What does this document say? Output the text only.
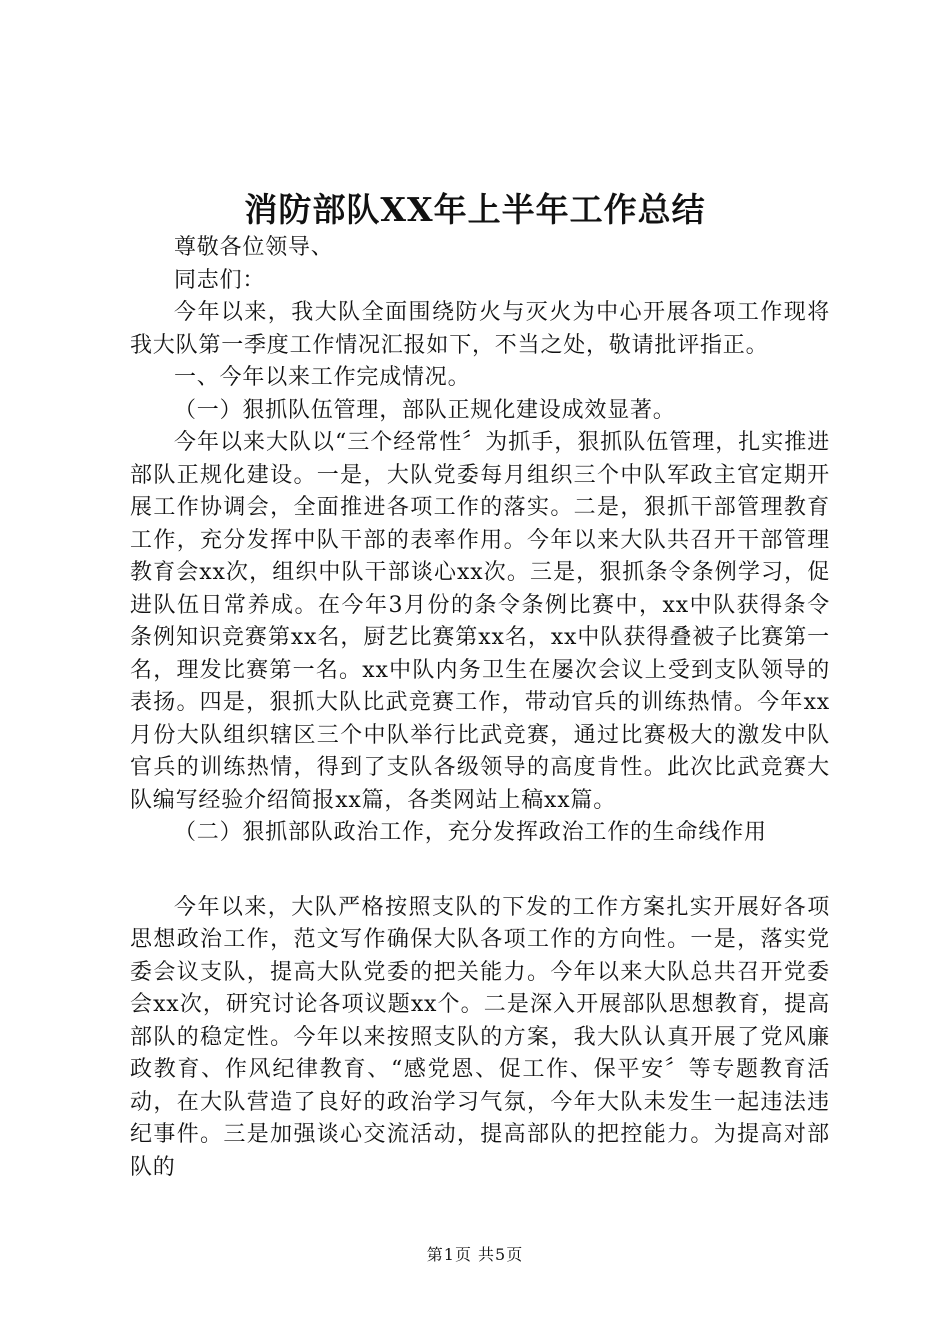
消防部队XX年上半年工作总结

尊敬各位领导、

同志们：

今年以来，我大队全面围绕防火与灭火为中心开展各项工作现将我大队第一季度工作情况汇报如下，不当之处，敬请批评指正。

一、今年以来工作完成情况。

（一）狠抓队伍管理，部队正规化建设成效显著。

今年以来大队以“三个经常性〞为抓手，狠抓队伍管理，扎实推进部队正规化建设。一是，大队党委每月组织三个中队军政主官定期开展工作协调会，全面推进各项工作的落实。二是，狠抓干部管理教育工作，充分发挥中队干部的表率作用。今年以来大队共召开干部管理教育会xx次，组织中队干部谈心xx次。三是，狠抓条令条例学习，促进队伍日常养成。在今年3月份的条令条例比赛中，xx中队获得条令条例知识竞赛第xx名，厨艺比赛第xx名，xx中队获得叠被子比赛第一名，理发比赛第一名。xx中队内务卫生在屡次会议上受到支队领导的表扬。四是，狠抓大队比武竞赛工作，带动官兵的训练热情。今年xx月份大队组织辖区三个中队举行比武竞赛，通过比赛极大的激发中队官兵的训练热情，得到了支队各级领导的高度肯性。此次比武竞赛大队编写经验介绍简报xx篇，各类网站上稿xx篇。

（二）狠抓部队政治工作，充分发挥政治工作的生命线作用

今年以来，大队严格按照支队的下发的工作方案扎实开展好各项思想政治工作，范文写作确保大队各项工作的方向性。一是，落实党委会议支队，提高大队党委的把关能力。今年以来大队总共召开党委会xx次，研究讨论各项议题xx个。二是深入开展部队思想教育，提高部队的稳定性。今年以来按照支队的方案，我大队认真开展了党风廉政教育、作风纪律教育、“感党恩、促工作、保平安〞等专题教育活动，在大队营造了良好的政治学习气氛，今年大队未发生一起违法违纪事件。三是加强谈心交流活动，提高部队的把控能力。为提高对部队的

第1页 共5页
